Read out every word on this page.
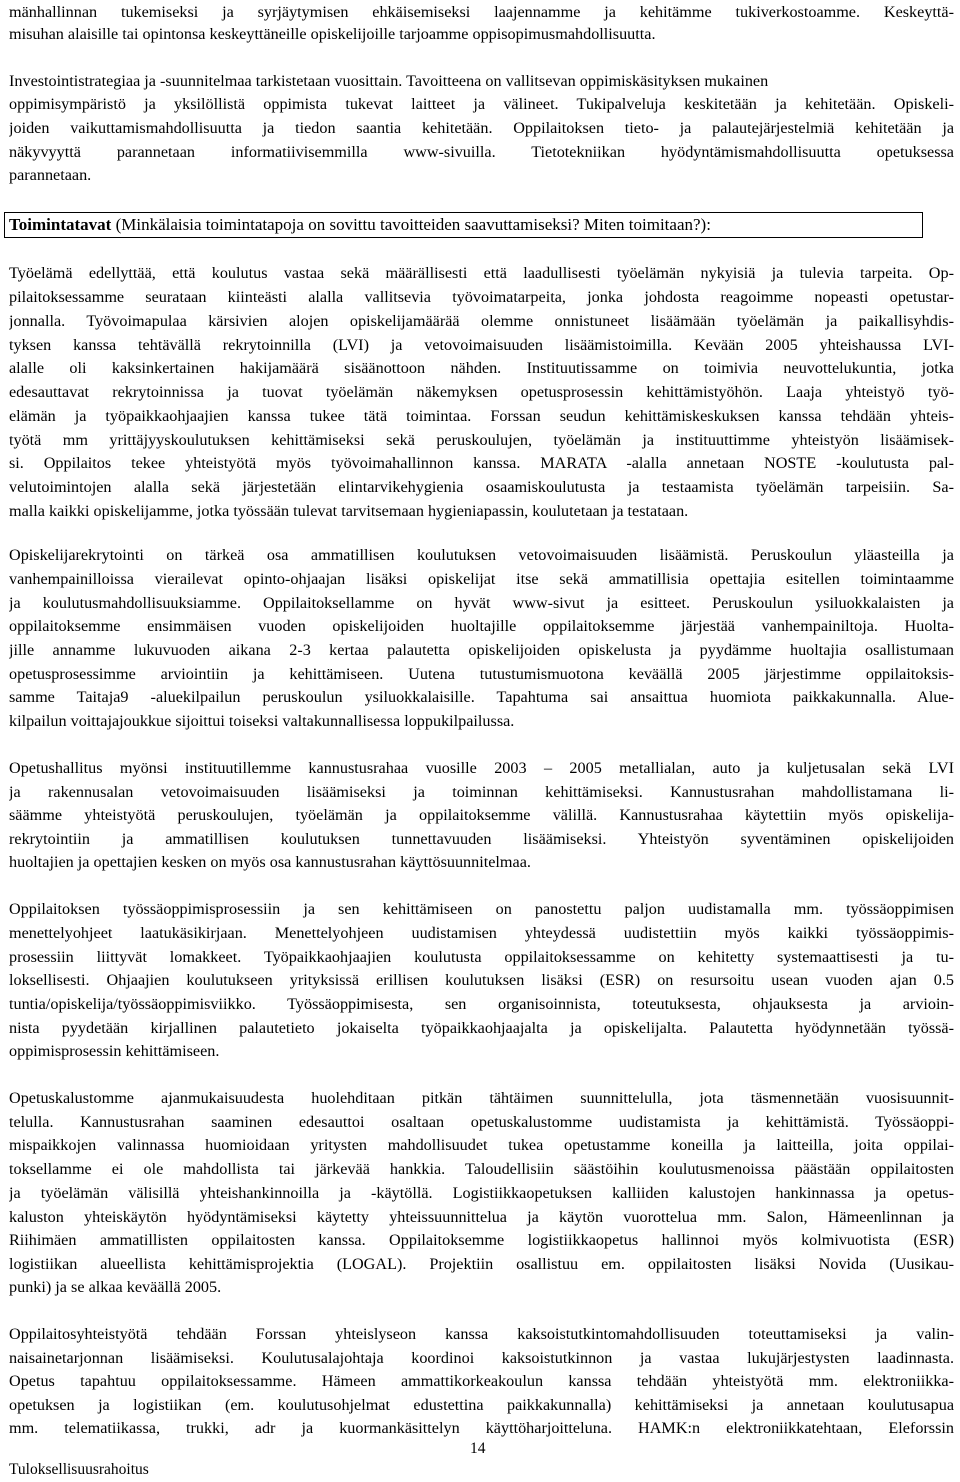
mänhallinnan tukemiseksi ja syrjäytymisen ehkäisemiseksi laajennamme ja kehitämme tukiverkostoamme. Keskeyttä-
misuhan alaisille tai opintonsa keskeyttäneille opiskelijoille tarjoamme oppisopimusmahdollisuutta.
Investointistrategiaa ja -suunnitelmaa tarkistetaan vuosittain. Tavoitteena on vallitsevan oppimiskäsityksen mukainen
oppimisympäristö ja yksilöllistä oppimista tukevat laitteet ja välineet. Tukipalveluja keskitetään ja kehitetään. Opiskeli-
joiden vaikuttamismahdollisuutta ja tiedon saantia kehitetään. Oppilaitoksen tieto- ja palautejärjestelmiä kehitetään ja
näkyvyyttä parannetaan informatiivisemmilla www-sivuilla. Tietotekniikan hyödyntämismahdollisuutta opetuksessa
parannetaan.
Toimintatavat (Minkälaisia toimintatapoja on sovittu tavoitteiden saavuttamiseksi? Miten toimitaan?):
Työelämä edellyttää, että koulutus vastaa sekä määrällisesti että laadullisesti työelämän nykyisiä ja tulevia tarpeita. Op-
pilaitoksessamme seurataan kiinteästi alalla vallitsevia työvoimatarpeita, jonka johdosta reagoimme nopeasti opetustar-
jonnalla. Työvoimapulaa kärsivien alojen opiskelijamäärää olemme onnistuneet lisäämään työelämän ja paikallisyhdis-
tyksen kanssa tehtävällä rekrytoinnilla (LVI) ja vetovoimaisuuden lisäämistoimilla. Kevään 2005 yhteishaussa LVI-
alalle oli kaksinkertainen hakijamäärä sisäänottoon nähden. Instituutissamme on toimivia neuvottelukuntia, jotka
edesauttavat rekrytoinnissa ja tuovat työelämän näkemyksen opetusprosessin kehittämistyöhön. Laaja yhteistyö työ-
elämän ja työpaikkaohjaajien kanssa tukee tätä toimintaa. Forssan seudun kehittämiskeskuksen kanssa tehdään yhteis-
työtä mm yrittäjyyskoulutuksen kehittämiseksi sekä peruskoulujen, työelämän ja instituuttimme yhteistyön lisäämisek-
si. Oppilaitos tekee yhteistyötä myös työvoimahallinnon kanssa. MARATA -alalla annetaan NOSTE -koulutusta pal-
velutoimintojen alalla sekä järjestetään elintarvikehygienia osaamiskoulutusta ja testaamista työelämän tarpeisiin. Sa-
malla kaikki opiskelijamme, jotka työssään tulevat tarvitsemaan hygieniapassin, koulutetaan ja testataan.
Opiskelijarekrytointi on tärkeä osa ammatillisen koulutuksen vetovoimaisuuden lisäämistä. Peruskoulun yläasteilla ja
vanhempainilloissa vierailevat opinto-ohjaajan lisäksi opiskelijat itse sekä ammatillisia opettajia esitellen toimintaamme
ja koulutusmahdollisuuksiamme. Oppilaitoksellamme on hyvät www-sivut ja esitteet. Peruskoulun ysiluokkalaisten ja
oppilaitoksemme ensimmäisen vuoden opiskelijoiden huoltajille oppilaitoksemme järjestää vanhempainiltoja. Huolta-
jille annamme lukuvuoden aikana 2-3 kertaa palautetta opiskelijoiden opiskelusta ja pyydämme huoltajia osallistumaan
opetusprosessimme arviointiin ja kehittämiseen. Uutena tutustumismuotona keväällä 2005 järjestimme oppilaitoksis-
samme Taitaja9 -aluekilpailun peruskoulun ysiluokkalaisille. Tapahtuma sai ansaittua huomiota paikkakunnalla. Aluе-
kilpailun voittajajoukkue sijoittui toiseksi valtakunnallisessa loppukilpailussa.
Opetushallitus myönsi instituutillemme kannustusrahaa vuosille 2003 – 2005 metallialan, auto ja kuljetusalan sekä LVI
ja rakennusalan vetovoimaisuuden lisäämiseksi ja toiminnan kehittämiseksi. Kannustusrahan mahdollistamana li-
säämme yhteistyötä peruskoulujen, työelämän ja oppilaitoksemme välillä. Kannustusrahaa käytettiin myös opiskelija-
rekrytointiin ja ammatillisen koulutuksen tunnettavuuden lisäämiseksi. Yhteistyön syventäminen opiskelijoiden
huoltajien ja opettajien kesken on myös osa kannustusrahan käyttösuunnitelmaa.
Oppilaitoksen työssäoppimisprosessiin ja sen kehittämiseen on panostettu paljon uudistamalla mm. työssäoppimisen
menettelyohjeet laatukäsikirjaan. Menettelyohjeen uudistamisen yhteydessä uudistettiin myös kaikki työssäoppimis-
prosessiin liittyvät lomakkeet. Työpaikkaohjaajien koulutusta oppilaitoksessamme on kehitetty systemaattisesti ja tu-
loksellisesti. Ohjaajien koulutukseen yrityksissä erillisen koulutuksen lisäksi (ESR) on resursoitu usean vuoden ajan 0.5
tuntia/opiskelija/työssäoppimisviikko. Työssäoppimisesta, sen organisoinnista, toteutuksesta, ohjauksesta ja arvioin-
nista pyydetään kirjallinen palautetieto jokaiselta työpaikkaohjaajalta ja opiskelijalta. Palautetta hyödynnetään työssä-
oppimisprosessin kehittämiseen.
Opetuskalustomme ajanmukaisuudesta huolehditaan pitkän tähtäimen suunnittelulla, jota täsmennetään vuosisuunnit-
telulla. Kannustusrahan saaminen edesauttoi osaltaan opetuskalustomme uudistamista ja kehittämistä. Työssäoppi-
mispaikkojen valinnassa huomioidaan yritysten mahdollisuudet tukea opetustamme koneilla ja laitteilla, joita oppilai-
toksellamme ei ole mahdollista tai järkevää hankkia. Taloudellisiin säästöihin koulutusmenoissa päästään oppilaitosten
ja työelämän välisillä yhteishankinnoilla ja -käytöllä. Logistiikkaopetuksen kalliiden kalustojen hankinnassa ja opetus-
kaluston yhteiskäytön hyödyntämiseksi käytetty yhteissuunnittelua ja käytön vuorottelua mm. Salon, Hämeenlinnan ja
Riihimäen ammatillisten oppilaitosten kanssa. Oppilaitoksemme logistiikkaopetus hallinnoi myös kolmivuotista (ESR)
logistiikan alueellista kehittämisprojektia (LOGAL). Projektiin osallistuu em. oppilaitosten lisäksi Novida (Uusikau-
punki) ja se alkaa keväällä 2005.
Oppilaitosyhteistyötä tehdään Forssan yhteislyseon kanssa kaksoistutkintomahdollisuuden toteuttamiseksi ja valin-
naisainetarjonnan lisäämiseksi. Koulutusalajohtaja koordinoi kaksoistutkinnon ja vastaa lukujärjestysten laadinnasta.
Opetus tapahtuu oppilaitoksessamme. Hämeen ammattikorkeakoulun kanssa tehdään yhteistyötä mm. elektroniikka-
opetuksen ja logistiikan (em. koulutusohjelmat edustettina paikkakunnalla) kehittämiseksi ja annetaan koulutusapua
mm. telematiikassa, trukki, adr ja kuormankäsittelyn käyttöharjoitteluna. HAMK:n elektroniikkatehtaan, Eleforssin
14
Tuloksellisuusrahoitus
